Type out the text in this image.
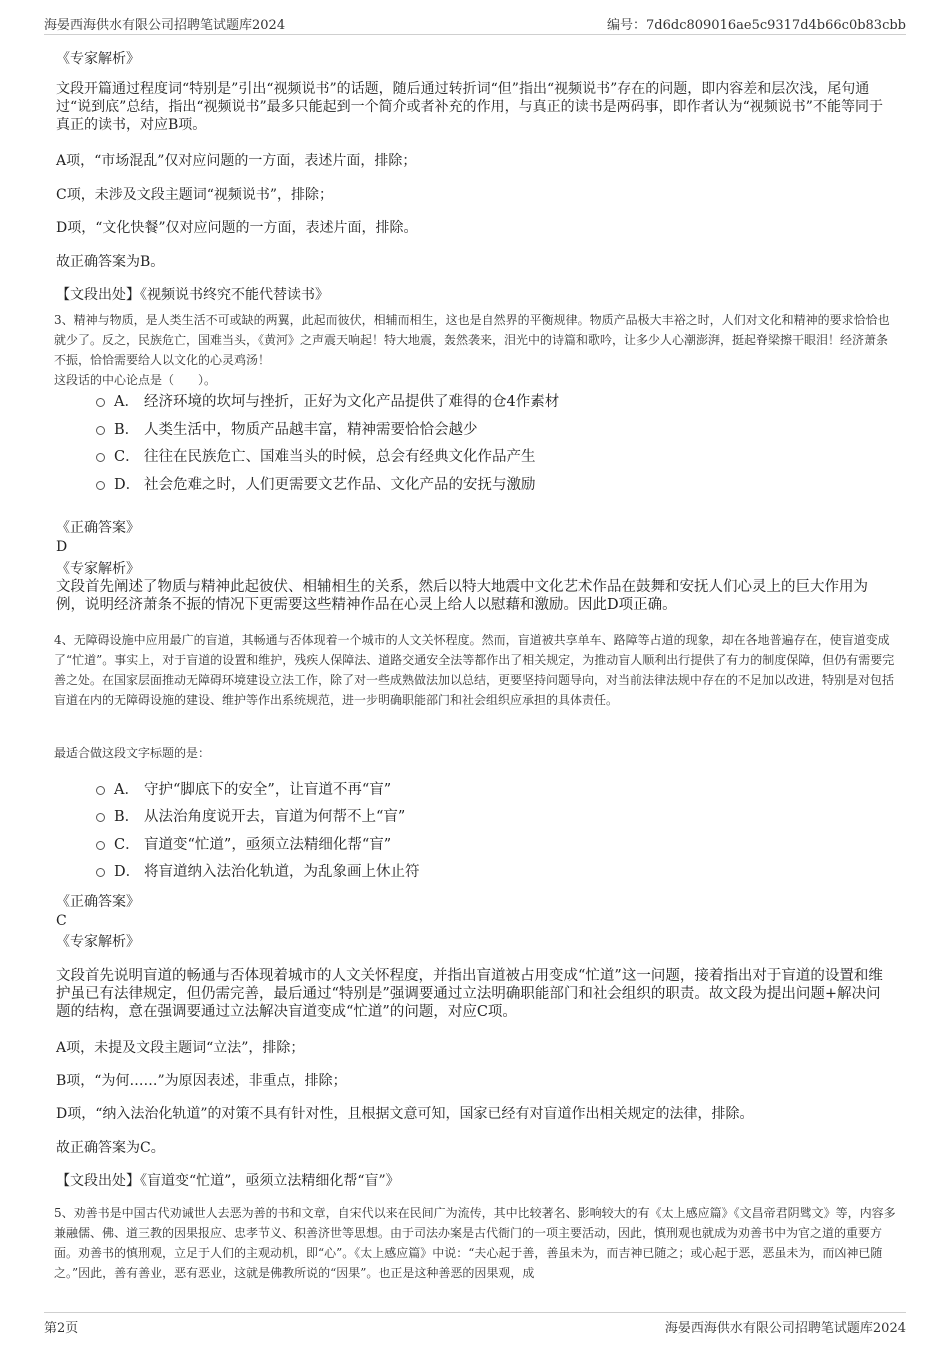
海晏西海供水有限公司招聘笔试题库2024	编号：7d6dc809016ae5c9317d4b66c0b83cbb
《专家解析》
文段开篇通过程度词“特别是”引出“视频说书”的话题，随后通过转折词“但”指出“视频说书”存在的问题，即内容差和层次浅，尾句通过“说到底”总结，指出“视频说书”最多只能起到一个简介或者补充的作用，与真正的读书是两码事，即作者认为“视频说书”不能等同于真正的读书，对应B项。
A项，“市场混乱”仅对应问题的一方面，表述片面，排除；
C项，未涉及文段主题词“视频说书”，排除；
D项，“文化快餐”仅对应问题的一方面，表述片面，排除。
故正确答案为B。
【文段出处】《视频说书终究不能代替读书》
3、精神与物质，是人类生活不可或缺的两翼，此起而彼伏，相辅而相生，这也是自然界的平衡规律。物质产品极大丰裕之时，人们对文化和精神的要求恰恰也就少了。反之，民族危亡，国难当头，《黄河》之声震天响起！特大地震，轰然袭来，泪光中的诗篇和歌吟，让多少人心潮澎湃，挺起脊梁擦干眼泪！经济萧条不振，恰恰需要给人以文化的心灵鸡汤！
这段话的中心论点是（　　）。
A． 经济环境的坎坷与挫折，正好为文化产品提供了难得的仓4作素材
B． 人类生活中，物质产品越丰富，精神需要恰恰会越少
C． 往往在民族危亡、国难当头的时候，总会有经典文化作品产生
D． 社会危难之时，人们更需要文艺作品、文化产品的安抚与激励
《正确答案》
D
《专家解析》
文段首先阐述了物质与精神此起彼伏、相辅相生的关系，然后以特大地震中文化艺术作品在鼓舞和安抚人们心灵上的巨大作用为例，说明经济萧条不振的情况下更需要这些精神作品在心灵上给人以慰藉和激励。因此D项正确。
4、无障碍设施中应用最广的盲道，其畅通与否体现着一个城市的人文关怀程度。然而，盲道被共享单车、路障等占道的现象，却在各地普遍存在，使盲道变成了“忙道”。事实上，对于盲道的设置和维护，残疾人保障法、道路交通安全法等都作出了相关规定，为推动盲人顺利出行提供了有力的制度保障，但仍有需要完善之处。在国家层面推动无障碍环境建设立法工作，除了对一些成熟做法加以总结，更要坚持问题导向，对当前法律法规中存在的不足加以改进，特别是对包括盲道在内的无障碍设施的建设、维护等作出系统规范，进一步明确职能部门和社会组织应承担的具体责任。
最适合做这段文字标题的是：
A． 守护“脚底下的安全”，让盲道不再“盲”
B． 从法治角度说开去，盲道为何帮不上“盲”
C． 盲道变“忙道”，亟须立法精细化帮“盲”
D． 将盲道纳入法治化轨道，为乱象画上休止符
《正确答案》
C
《专家解析》
文段首先说明盲道的畅通与否体现着城市的人文关怀程度，并指出盲道被占用变成“忙道”这一问题，接着指出对于盲道的设置和维护虽已有法律规定，但仍需完善，最后通过“特别是”强调要通过立法明确职能部门和社会组织的职责。故文段为提出问题+解决问题的结构，意在强调要通过立法解决盲道变成“忙道”的问题，对应C项。
A项，未提及文段主题词“立法”，排除；
B项，“为何……”为原因表述，非重点，排除；
D项，“纳入法治化轨道”的对策不具有针对性，且根据文意可知，国家已经有对盲道作出相关规定的法律，排除。
故正确答案为C。
【文段出处】《盲道变“忙道”，亟须立法精细化帮“盲”》
5、劝善书是中国古代劝诫世人去恶为善的书和文章，自宋代以来在民间广为流传，其中比较著名、影响较大的有《太上感应篇》《文昌帝君阴骘文》等，内容多兼融儒、佛、道三教的因果报应、忠孝节义、积善济世等思想。由于司法办案是古代衙门的一项主要活动，因此，慎刑观也就成为劝善书中为官之道的重要方面。劝善书的慎刑观，立足于人们的主观动机，即“心”。《太上感应篇》中说：“夫心起于善，善虽未为，而吉神已随之；或心起于恶，恶虽未为，而凶神已随之。”因此，善有善业，恶有恶业，这就是佛教所说的“因果”。也正是这种善恶的因果观，成
第2页	海晏西海供水有限公司招聘笔试题库2024
